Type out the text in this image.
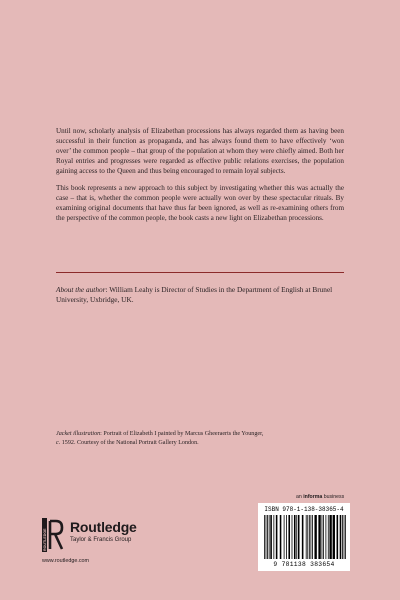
Until now, scholarly analysis of Elizabethan processions has always regarded them as having been successful in their function as propaganda, and has always found them to have effectively ‘won over’ the common people – that group of the population at whom they were chiefly aimed. Both her Royal entries and progresses were regarded as effective public relations exercises, the population gaining access to the Queen and thus being encouraged to remain loyal subjects.

This book represents a new approach to this subject by investigating whether this was actually the case – that is, whether the common people were actually won over by these spectacular rituals. By examining original documents that have thus far been ignored, as well as re-examining others from the perspective of the common people, the book casts a new light on Elizabethan processions.

About the author: William Leahy is Director of Studies in the Department of English at Brunel University, Uxbridge, UK.
Jacket illustration: Portrait of Elizabeth I painted by Marcus Gheeraerts the Younger,
c. 1592. Courtesy of the National Portrait Gallery London.
ROUTLEDGE
Routledge
Taylor & Francis Group
www.routledge.com
an informa business
ISBN 978-1-138-38365-4
9 781138 383654
